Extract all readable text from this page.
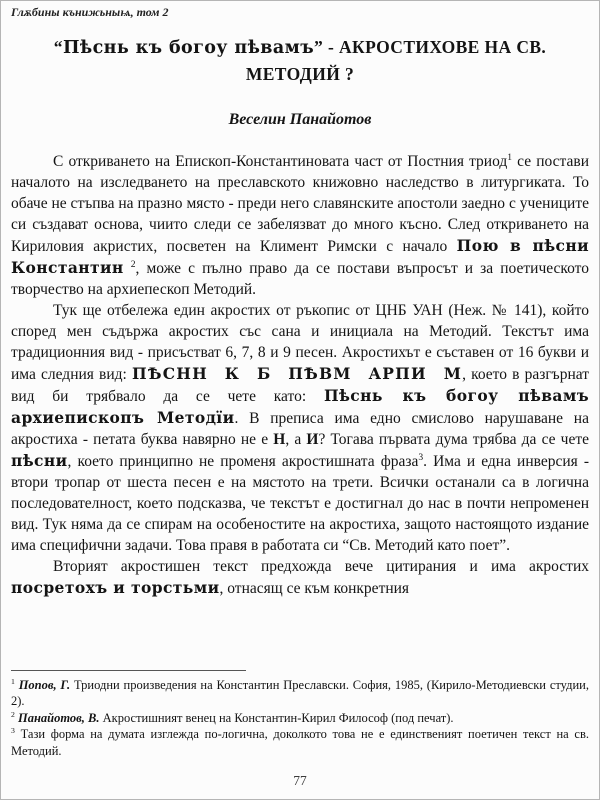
Глѫбины кънижьныѩ, том 2
“Пѣснь къ богоу пѣвамъ” - АКРОСТИХОВЕ НА СВ. МЕТОДИЙ ?
Веселин Панайотов

С откриването на Епископ-Константиновата част от Постния триод$^1$ се постави началото на изследването на преславското книжовно наследство в литургиката. То обаче не стъпва на празно място - преди него славянските апостоли заедно с учениците си създават основа, чиито следи се забелязват до много късно. След откриването на Кириловия акристих, посветен на Климент Римски с начало Пою в пѣсни Константин $^2$, може с пълно право да се постави въпросът и за поетическото творчество на архиепескоп Методий.

Тук ще отбележа един акростих от ръкопис от ЦНБ УАН (Неж. № 141), който според мен съдържа акростих със сана и инициала на Методий. Текстът има традиционния вид - присъстват 6, 7, 8 и 9 песен. Акростихът е съставен от 16 букви и има следния вид: ПѢСНН К Б ПѢВМ АРПИ М, което в разгърнат вид би трябвало да се чете като: Пѣснь къ богоу пѣвамъ архиепископъ Методїи. В преписа има едно смислово нарушаване на акростиха - петата буква навярно не е Н, а И? Тогава първата дума трябва да се чете пѣсни, което принципно не променя акростишната фраза$^3$. Има и една инверсия - втори тропар от шеста песен е на мястото на трети. Всички останали са в логична последователност, което подсказва, че текстът е достигнал до нас в почти непроменен вид. Тук няма да се спирам на особеностите на акростиха, защото настоящото издание има специфични задачи. Това правя в работата си “Св. Методий като поет”.

Вторият акростишен текст предхожда вече цитирания и има акростих посретохъ и торстьми, отнасящ се към конкретния

$^1$ Попов, Г. Триодни произведения на Константин Преславски. София, 1985, (Кирило-Методиевски студии, 2).

$^2$ Панайотов, В. Акростишният венец на Константин-Кирил Философ (под печат).

$^3$ Тази форма на думата изглежда по-логична, доколкото това не е единственият поетичен текст на св. Методий.

77
